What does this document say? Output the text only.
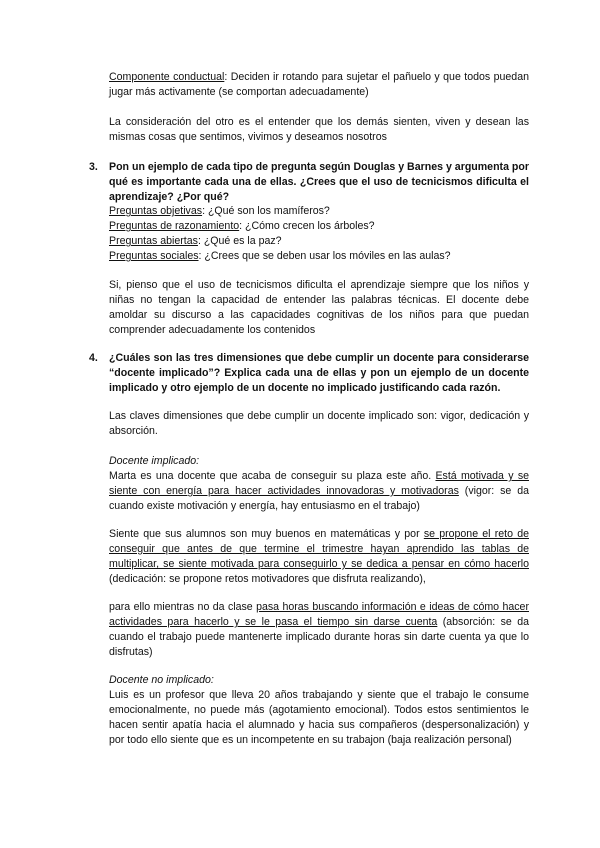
Componente conductual: Deciden ir rotando para sujetar el pañuelo y que todos puedan jugar más activamente (se comportan adecuadamente)

La consideración del otro es el entender que los demás sienten, viven y desean las mismas cosas que sentimos, vivimos y deseamos nosotros

3. Pon un ejemplo de cada tipo de pregunta según Douglas y Barnes y argumenta por qué es importante cada una de ellas. ¿Crees que el uso de tecnicismos dificulta el aprendizaje? ¿Por qué?

Preguntas objetivas: ¿Qué son los mamíferos?

Preguntas de razonamiento: ¿Cómo crecen los árboles?

Preguntas abiertas: ¿Qué es la paz?

Preguntas sociales: ¿Crees que se deben usar los móviles en las aulas?

Si, pienso que el uso de tecnicismos dificulta el aprendizaje siempre que los niños y niñas no tengan la capacidad de entender las palabras técnicas. El docente debe amoldar su discurso a las capacidades cognitivas de los niños para que puedan comprender adecuadamente los contenidos

4. ¿Cuáles son las tres dimensiones que debe cumplir un docente para considerarse “docente implicado”? Explica cada una de ellas y pon un ejemplo de un docente implicado y otro ejemplo de un docente no implicado justificando cada razón.

Las claves dimensiones que debe cumplir un docente implicado son: vigor, dedicación y absorción.

Docente implicado:

Marta es una docente que acaba de conseguir su plaza este año. Está motivada y se siente con energía para hacer actividades innovadoras y motivadoras (vigor: se da cuando existe motivación y energía, hay entusiasmo en el trabajo)

Siente que sus alumnos son muy buenos en matemáticas y por se propone el reto de conseguir que antes de que termine el trimestre hayan aprendido las tablas de multiplicar, se siente motivada para conseguirlo y se dedica a pensar en cómo hacerlo (dedicación: se propone retos motivadores que disfruta realizando),

para ello mientras no da clase pasa horas buscando información e ideas de cómo hacer actividades para hacerlo y se le pasa el tiempo sin darse cuenta (absorción: se da cuando el trabajo puede mantenerte implicado durante horas sin darte cuenta ya que lo disfrutas)

Docente no implicado:

Luis es un profesor que lleva 20 años trabajando y siente que el trabajo le consume emocionalmente, no puede más (agotamiento emocional). Todos estos sentimientos le hacen sentir apatía hacia el alumnado y hacia sus compañeros (despersonalización) y por todo ello siente que es un incompetente en su trabajon (baja realización personal)
